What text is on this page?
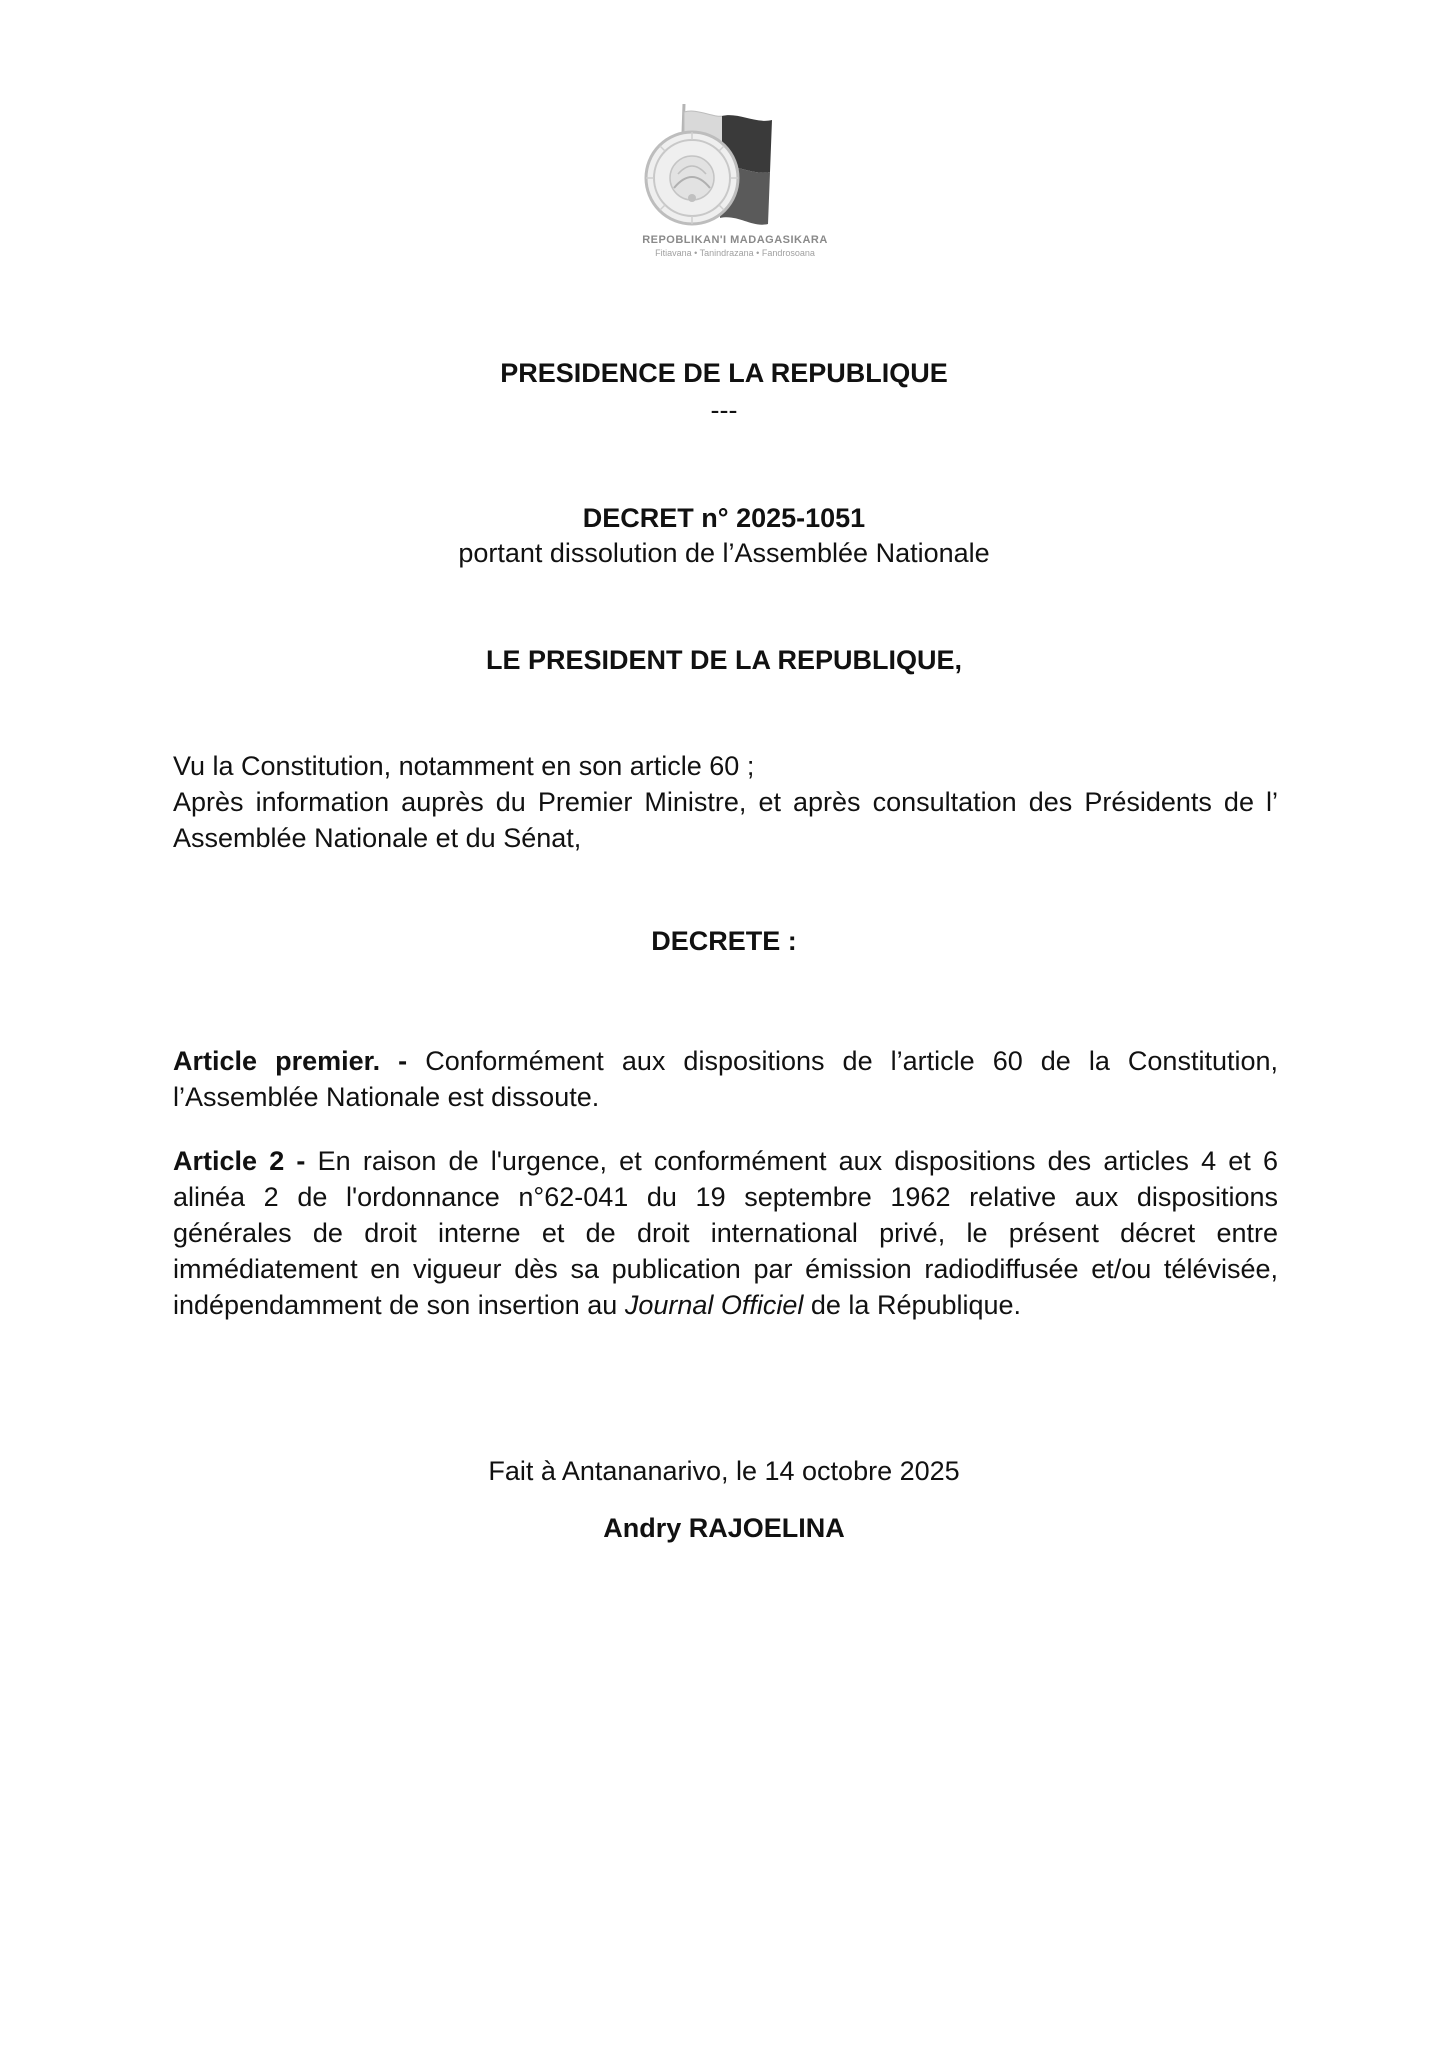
REPOBLIKAN'I MADAGASIKARA
Fitiavana • Tanindrazana • Fandrosoana
PRESIDENCE DE LA REPUBLIQUE
---
DECRET n° 2025-1051
portant dissolution de l’Assemblée Nationale
LE PRESIDENT DE LA REPUBLIQUE,

Vu la Constitution, notamment en son article 60 ;

Après information auprès du Premier Ministre, et après consultation des Présidents de l’

Assemblée Nationale et du Sénat,

DECRETE :

Article premier. - Conformément aux dispositions de l’article 60 de la Constitution, l’Assemblée Nationale est dissoute.

Article 2 - En raison de l'urgence, et conformément aux dispositions des articles 4 et 6 alinéa 2 de l'ordonnance n°62-041 du 19 septembre 1962 relative aux dispositions générales de droit interne et de droit international privé, le présent décret entre immédiatement en vigueur dès sa publication par émission radiodiffusée et/ou télévisée, indépendamment de son insertion au Journal Officiel de la République.

Fait à Antananarivo, le 14 octobre 2025
Andry RAJOELINA
